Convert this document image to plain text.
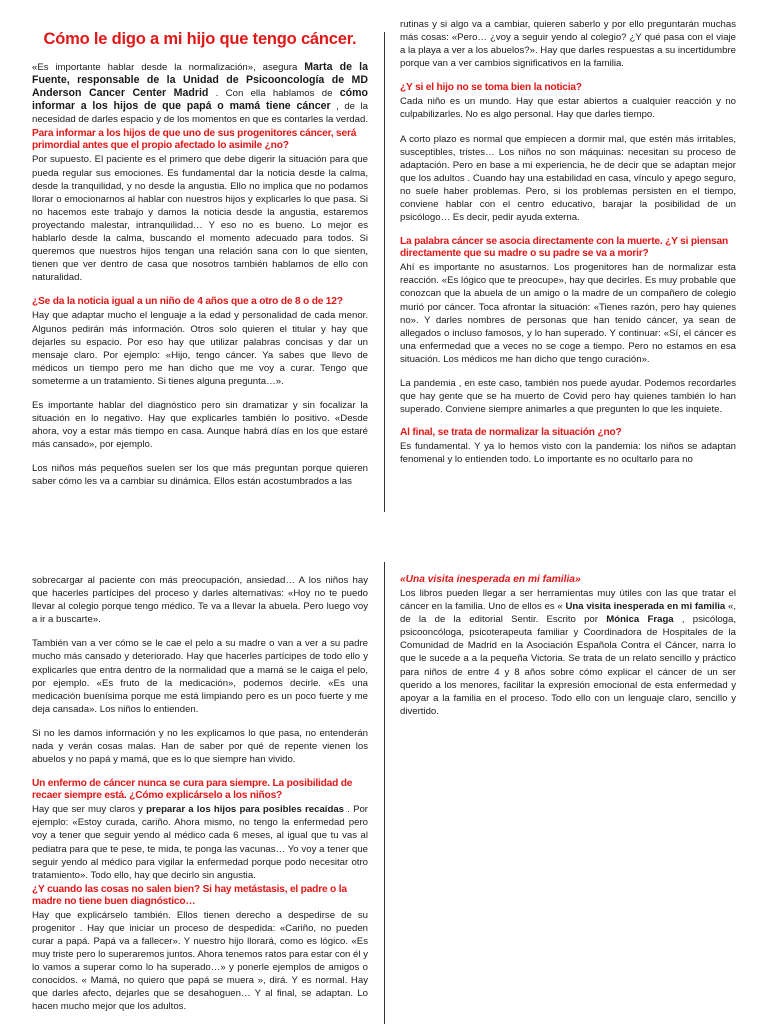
Cómo le digo a mi hijo que tengo cáncer.

«Es importante hablar desde la normalización», asegura Marta de la Fuente, responsable de la Unidad de Psicooncología de MD Anderson Cancer Center Madrid . Con ella hablamos de cómo informar a los hijos de que papá o mamá tiene cáncer , de la necesidad de darles espacio y de los momentos en que es contarles la verdad.

Para informar a los hijos de que uno de sus progenitores cáncer, será primordial antes que el propio afectado lo asimile ¿no?

Por supuesto. El paciente es el primero que debe digerir la situación para que pueda regular sus emociones. Es fundamental dar la noticia desde la calma, desde la tranquilidad, y no desde la angustia. Ello no implica que no podamos llorar o emocionarnos al hablar con nuestros hijos y explicarles lo que pasa. Si no hacemos este trabajo y damos la noticia desde la angustia, estaremos proyectando malestar, intranquilidad… Y eso no es bueno. Lo mejor es hablarlo desde la calma, buscando el momento adecuado para todos. Si queremos que nuestros hijos tengan una relación sana con lo que sienten, tienen que ver dentro de casa que nosotros también hablamos de ello con naturalidad.

¿Se da la noticia igual a un niño de 4 años que a otro de 8 o de 12?

Hay que adaptar mucho el lenguaje a la edad y personalidad de cada menor. Algunos pedirán más información. Otros solo quieren el titular y hay que dejarles su espacio. Por eso hay que utilizar palabras concisas y dar un mensaje claro. Por ejemplo: «Hijo, tengo cáncer. Ya sabes que llevo de médicos un tiempo pero me han dicho que me voy a curar. Tengo que someterme a un tratamiento. Si tienes alguna pregunta…».

Es importante hablar del diagnóstico pero sin dramatizar y sin focalizar la situación en lo negativo. Hay que explicarles también lo positivo. «Desde ahora, voy a estar más tiempo en casa. Aunque habrá días en los que estaré más cansado», por ejemplo.

Los niños más pequeños suelen ser los que más preguntan porque quieren saber cómo les va a cambiar su dinámica. Ellos están acostumbrados a las

rutinas y si algo va a cambiar, quieren saberlo y por ello preguntarán muchas más cosas: «Pero… ¿voy a seguir yendo al colegio? ¿Y qué pasa con el viaje a la playa a ver a los abuelos?». Hay que darles respuestas a su incertidumbre porque van a ver cambios significativos en la familia.

¿Y si el hijo no se toma bien la noticia?

Cada niño es un mundo. Hay que estar abiertos a cualquier reacción y no culpabilizarles. No es algo personal. Hay que darles tiempo.

A corto plazo es normal que empiecen a dormir mal, que estén más irritables, susceptibles, tristes… Los niños no son máquinas: necesitan su proceso de adaptación. Pero en base a mi experiencia, he de decir que se adaptan mejor que los adultos . Cuando hay una estabilidad en casa, vínculo y apego seguro, no suele haber problemas. Pero, si los problemas persisten en el tiempo, conviene hablar con el centro educativo, barajar la posibilidad de un psicólogo… Es decir, pedir ayuda externa.

La palabra cáncer se asocia directamente con la muerte. ¿Y si piensan directamente que su madre o su padre se va a morir?

Ahí es importante no asustarnos. Los progenitores han de normalizar esta reacción. «Es lógico que te preocupe», hay que decirles. Es muy probable que conozcan que la abuela de un amigo o la madre de un compañero de colegio murió por cáncer. Toca afrontar la situación: «Tienes razón, pero hay quienes no». Y darles nombres de personas que han tenido cáncer, ya sean de allegados o incluso famosos, y lo han superado. Y continuar: «Sí, el cáncer es una enfermedad que a veces no se coge a tiempo. Pero no estamos en esa situación. Los médicos me han dicho que tengo curación».

La pandemia , en este caso, también nos puede ayudar. Podemos recordarles que hay gente que se ha muerto de Covid pero hay quienes también lo han superado. Conviene siempre animarles a que pregunten lo que les inquiete.

Al final, se trata de normalizar la situación ¿no?

Es fundamental. Y ya lo hemos visto con la pandemia: los niños se adaptan fenomenal y lo entienden todo. Lo importante es no ocultarlo para no

sobrecargar al paciente con más preocupación, ansiedad… A los niños hay que hacerles partícipes del proceso y darles alternativas: «Hoy no te puedo llevar al colegio porque tengo médico. Te va a llevar la abuela. Pero luego voy a ir a buscarte».

También van a ver cómo se le cae el pelo a su madre o van a ver a su padre mucho más cansado y deteriorado. Hay que hacerles partícipes de todo ello y explicarles que entra dentro de la normalidad que a mamá se le caiga el pelo, por ejemplo. «Es fruto de la medicación», podemos decirle. «Es una medicación buenísima porque me está limpiando pero es un poco fuerte y me deja cansada». Los niños lo entienden.

Si no les damos información y no les explicamos lo que pasa, no entenderán nada y verán cosas malas. Han de saber por qué de repente vienen los abuelos y no papá y mamá, que es lo que siempre han vivido.

Un enfermo de cáncer nunca se cura para siempre. La posibilidad de recaer siempre está. ¿Cómo explicárselo a los niños?

Hay que ser muy claros y preparar a los hijos para posibles recaídas . Por ejemplo: «Estoy curada, cariño. Ahora mismo, no tengo la enfermedad pero voy a tener que seguir yendo al médico cada 6 meses, al igual que tu vas al pediatra para que te pese, te mida, te ponga las vacunas… Yo voy a tener que seguir yendo al médico para vigilar la enfermedad porque podo necesitar otro tratamiento». Todo ello, hay que decirlo sin angustia.

¿Y cuando las cosas no salen bien? Si hay metástasis, el padre o la madre no tiene buen diagnóstico…

Hay que explicárselo también. Ellos tienen derecho a despedirse de su progenitor . Hay que iniciar un proceso de despedida: «Cariño, no pueden curar a papá. Papá va a fallecer». Y nuestro hijo llorará, como es lógico. «Es muy triste pero lo superaremos juntos. Ahora tenemos ratos para estar con él y lo vamos a superar como lo ha superado…» y ponerle ejemplos de amigos o conocidos. « Mamá, no quiero que papá se muera », dirá. Y es normal. Hay que darles afecto, dejarles que se desahoguen… Y al final, se adaptan. Lo hacen mucho mejor que los adultos.

«Una visita inesperada en mi familia»

Los libros pueden llegar a ser herramientas muy útiles con las que tratar el cáncer en la familia. Uno de ellos es « Una visita inesperada en mi familia «, de la de la editorial Sentir. Escrito por Mónica Fraga , psicóloga, psicooncóloga, psicoterapeuta familiar y Coordinadora de Hospitales de la Comunidad de Madrid en la Asociación Española Contra el Cáncer, narra lo que le sucede a a la pequeña Victoria. Se trata de un relato sencillo y práctico para niños de entre 4 y 8 años sobre cómo explicar el cáncer de un ser querido a los menores, facilitar la expresión emocional de esta enfermedad y apoyar a la familia en el proceso. Todo ello con un lenguaje claro, sencillo y divertido.
